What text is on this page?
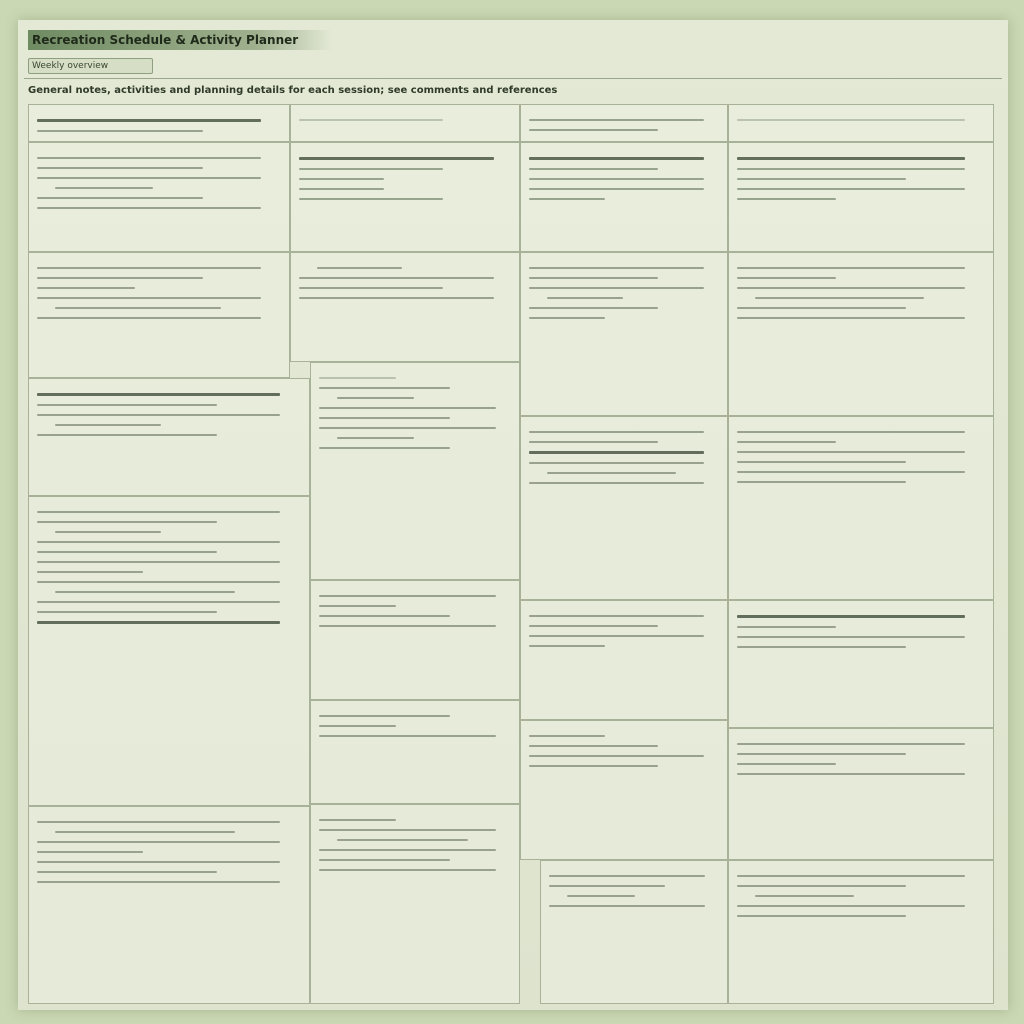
Recreation Schedule & Activity Planner
Weekly overview
General notes, activities and planning details for each session; see comments and references
